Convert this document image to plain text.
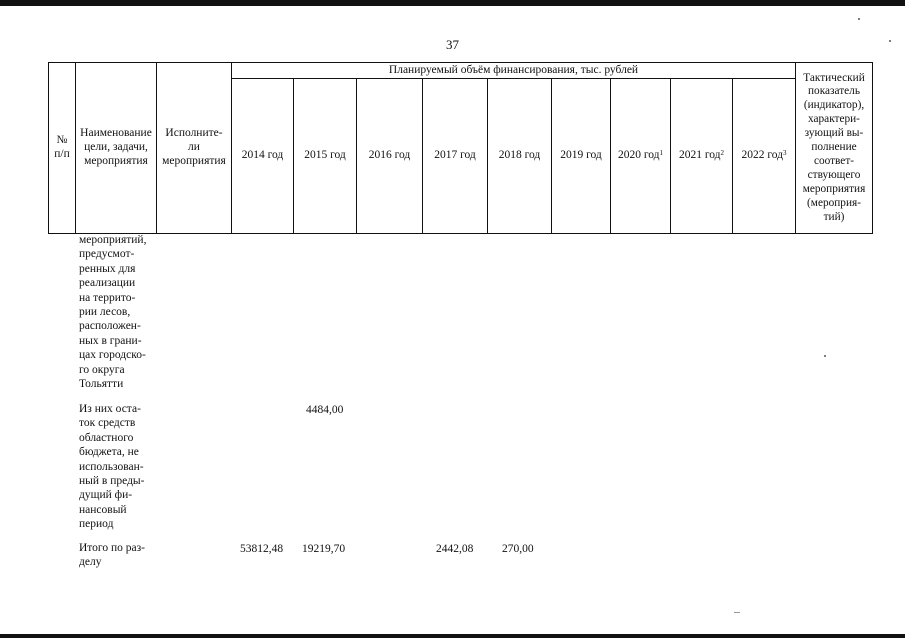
37
№
п/п
Наименование
цели, задачи,
мероприятия
Исполните-
ли
мероприятия
Планируемый объём финансирования, тыс. рублей
2014 год 2015 год 2016 год 2017 год 2018 год 2019 год 2020 год 1 2021 год 2 2022 год 3
Тактический
показатель
(индикатор),
характери-
зующий вы-
полнение
соответ-
ствующего
мероприятия
(мероприя-
тий)
мероприятий,
предусмот-
ренных для
реализации
на террито-
рии лесов,
расположен-
ных в грани-
цах городско-
го округа
Тольятти
Из них оста-
ток средств
областного
бюджета, не
использован-
ный в преды-
дущий фи-
нансовый
период
4484,00
Итого по раз-
делу
53812,48 19219,70	2442,08 270,00
